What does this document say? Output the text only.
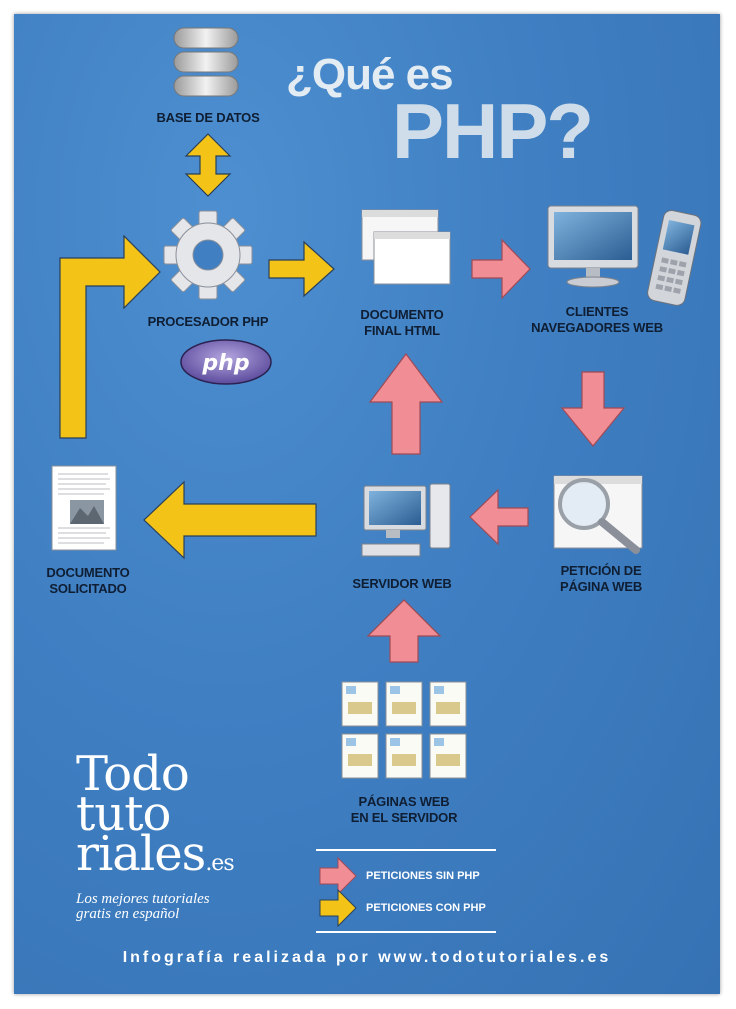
¿Qué es
PHP?
BASE DE DATOS
PROCESADOR PHP
php
DOCUMENTO
FINAL HTML
CLIENTES
NAVEGADORES WEB
DOCUMENTO
SOLICITADO	SERVIDOR WEB
PETICIÓN DE
PÁGINA WEB
PÁGINAS WEB
EN EL SERVIDOR
Todo
tuto
riales.es
Los mejores tutoriales
gratis en español
PETICIONES SIN PHP
PETICIONES CON PHP
Infografía realizada por www.todotutoriales.es
